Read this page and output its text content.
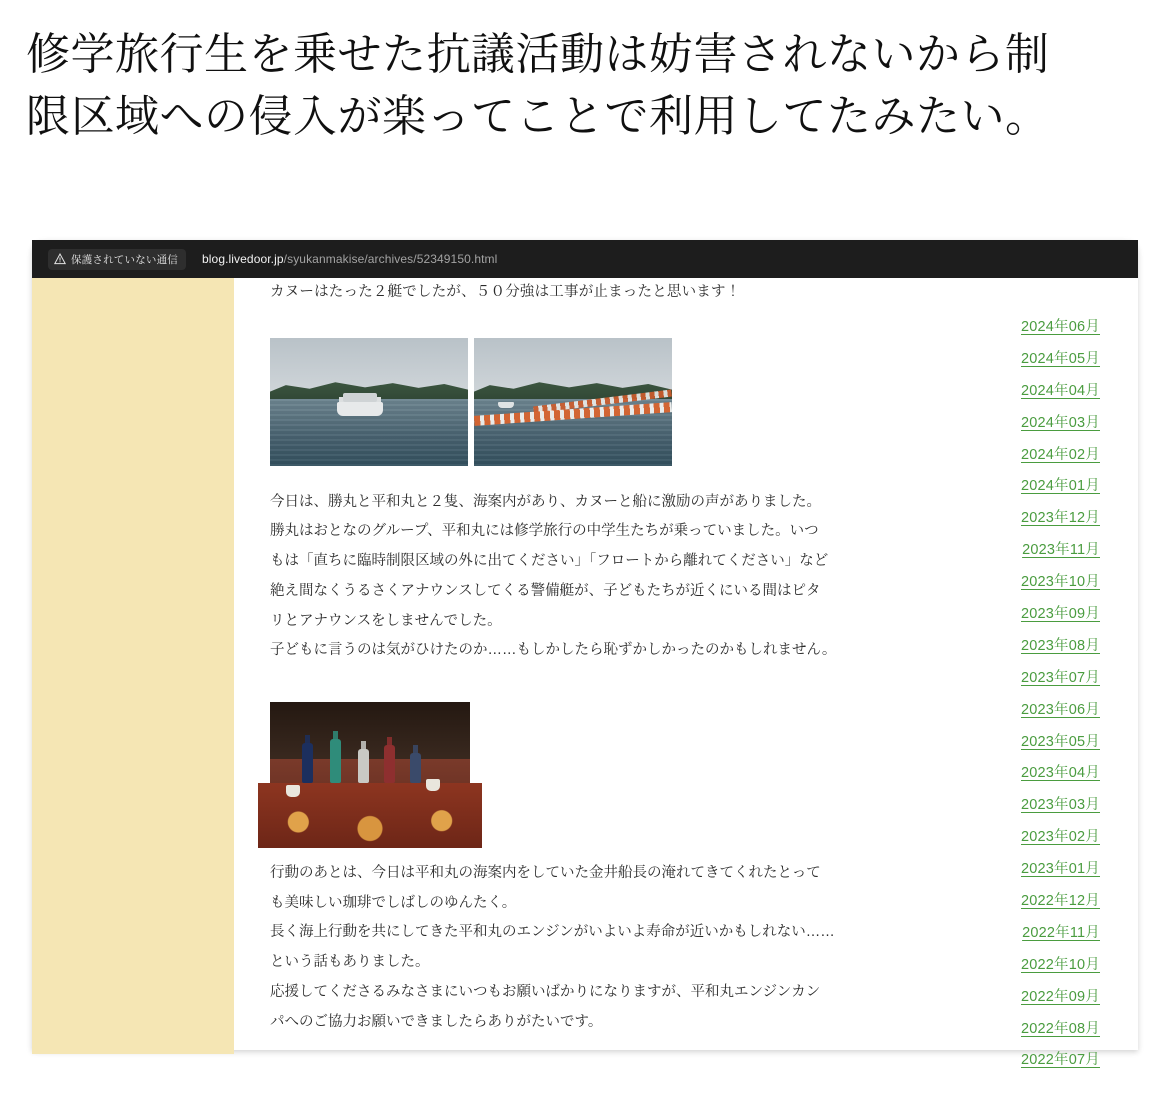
修学旅行生を乗せた抗議活動は妨害されないから制
限区域への侵入が楽ってことで利用してたみたい。
保護されていない通信 blog.livedoor.jp /syukanmakise/archives/52349150.html

カヌーはたった２艇でしたが、５０分強は工事が止まったと思います！

今日は、勝丸と平和丸と２隻、海案内があり、カヌーと船に激励の声がありました。

勝丸はおとなのグループ、平和丸には修学旅行の中学生たちが乗っていました。いつ

もは「直ちに臨時制限区域の外に出てください」「フロートから離れてください」など

絶え間なくうるさくアナウンスしてくる警備艇が、子どもたちが近くにいる間はピタ

リとアナウンスをしませんでした。

子どもに言うのは気がひけたのか……もしかしたら恥ずかしかったのかもしれません。

行動のあとは、今日は平和丸の海案内をしていた金井船長の淹れてきてくれたとって

も美味しい珈琲でしばしのゆんたく。

長く海上行動を共にしてきた平和丸のエンジンがいよいよ寿命が近いかもしれない……

という話もありました。

応援してくださるみなさまにいつもお願いばかりになりますが、平和丸エンジンカン

パへのご協力お願いできましたらありがたいです。

2024年06月
2024年05月
2024年04月
2024年03月
2024年02月
2024年01月
2023年12月
2023年11月
2023年10月
2023年09月
2023年08月
2023年07月
2023年06月
2023年05月
2023年04月
2023年03月
2023年02月
2023年01月
2022年12月
2022年11月
2022年10月
2022年09月
2022年08月
2022年07月
